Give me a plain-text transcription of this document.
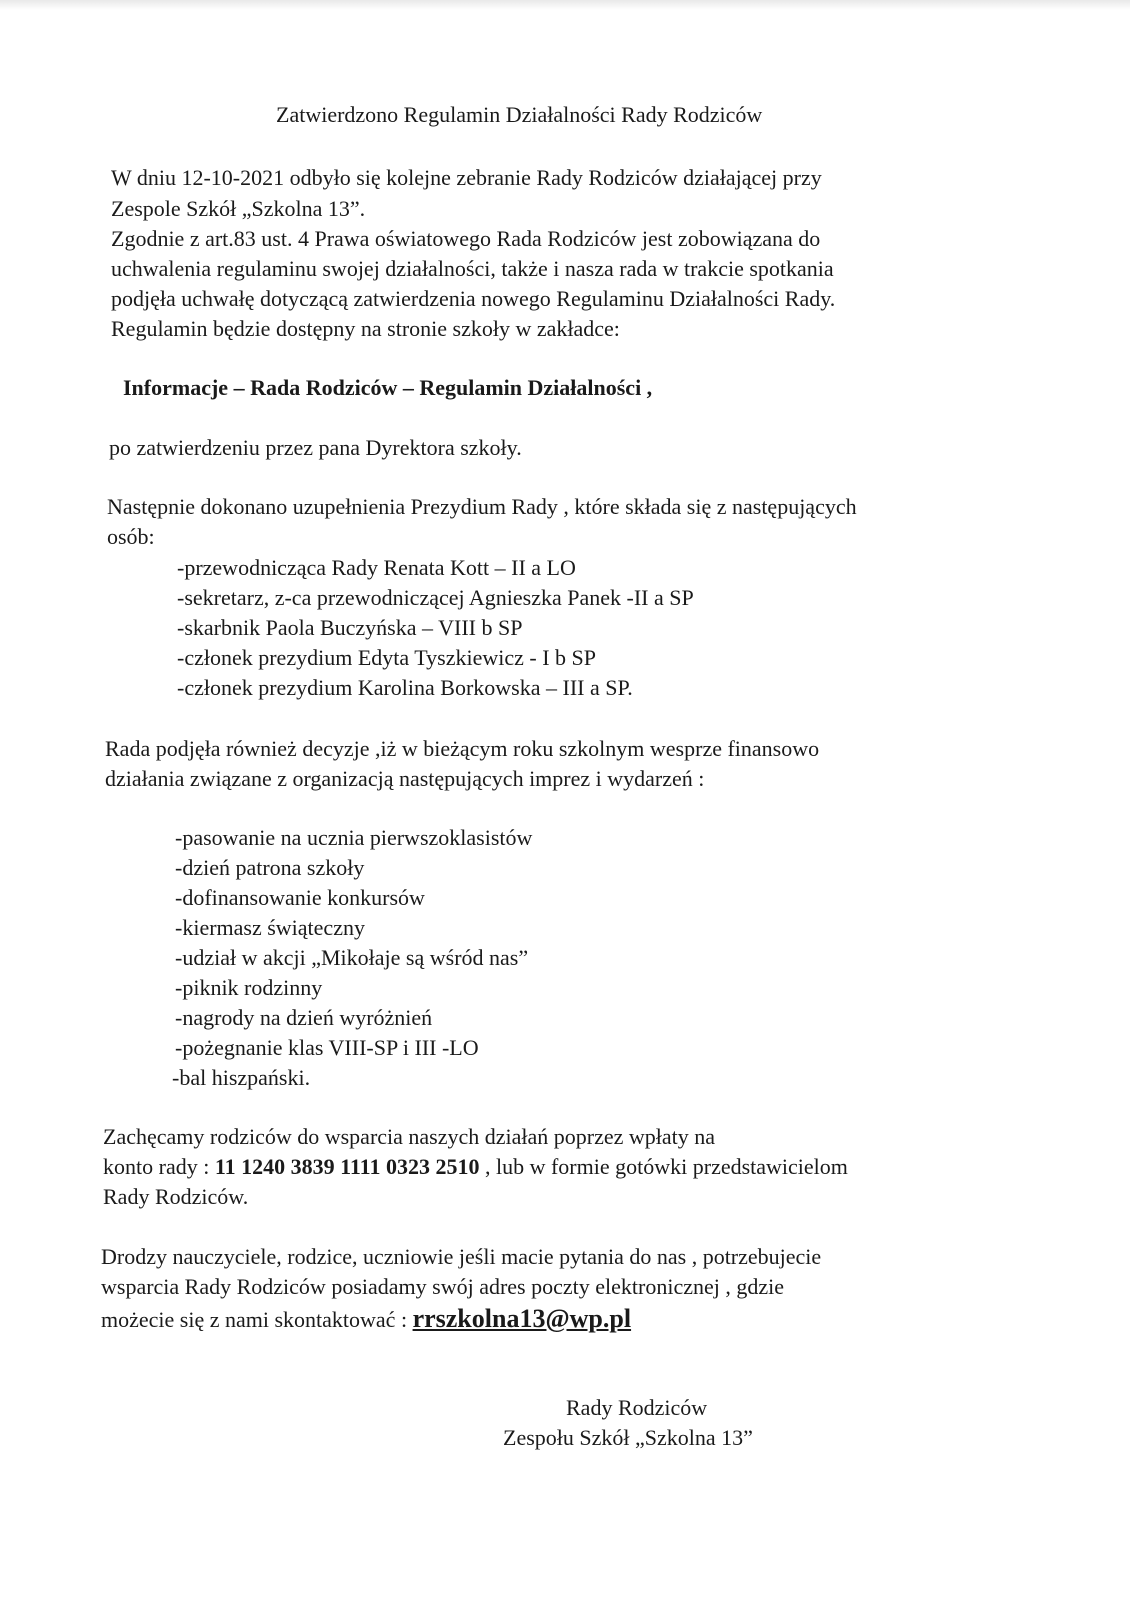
Zatwierdzono Regulamin Działalności Rady Rodziców
W dniu 12-10-2021 odbyło się kolejne zebranie Rady Rodziców działającej przy
Zespole Szkół „Szkolna 13”.
Zgodnie z art.83 ust. 4 Prawa oświatowego Rada Rodziców jest zobowiązana do
uchwalenia regulaminu swojej działalności, także i nasza rada w trakcie spotkania
podjęła uchwałę dotyczącą zatwierdzenia nowego Regulaminu Działalności Rady.
Regulamin będzie dostępny na stronie szkoły w zakładce:
Informacje – Rada Rodziców – Regulamin Działalności ,
po zatwierdzeniu przez pana Dyrektora szkoły.
Następnie dokonano uzupełnienia Prezydium Rady , które składa się z następujących
osób:
-przewodnicząca Rady Renata Kott – II a LO
-sekretarz, z-ca przewodniczącej Agnieszka Panek -II a SP
-skarbnik Paola Buczyńska – VIII b SP
-członek prezydium Edyta Tyszkiewicz - I b SP
-członek prezydium Karolina Borkowska – III a SP.
Rada podjęła również decyzje ,iż w bieżącym roku szkolnym wesprze finansowo
działania związane z organizacją następujących imprez i wydarzeń :
-pasowanie na ucznia pierwszoklasistów
-dzień patrona szkoły
-dofinansowanie konkursów
-kiermasz świąteczny
-udział w akcji „Mikołaje są wśród nas”
-piknik rodzinny
-nagrody na dzień wyróżnień
-pożegnanie klas VIII-SP i III -LO
-bal hiszpański.
Zachęcamy rodziców do wsparcia naszych działań poprzez wpłaty na
konto rady : 11 1240 3839 1111 0323 2510 , lub w formie gotówki przedstawicielom
Rady Rodziców.
Drodzy nauczyciele, rodzice, uczniowie jeśli macie pytania do nas , potrzebujecie
wsparcia Rady Rodziców posiadamy swój adres poczty elektronicznej , gdzie
możecie się z nami skontaktować : rrszkolna13@wp.pl
Rady Rodziców
Zespołu Szkół „Szkolna 13”
